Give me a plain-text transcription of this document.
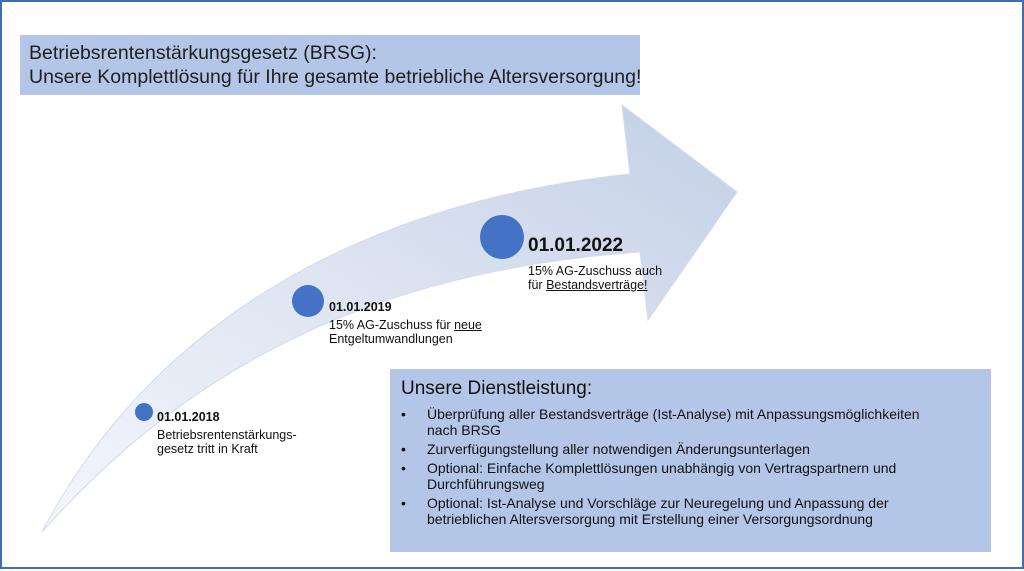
Betriebsrentenstärkungsgesetz (BRSG):
Unsere Komplettlösung für Ihre gesamte betriebliche Altersversorgung!
01.01.2018
Betriebsrentenstärkungs-
gesetz tritt in Kraft
01.01.2019
15% AG-Zuschuss für neue
Entgeltumwandlungen
01.01.2022
15% AG-Zuschuss auch
für Bestandsverträge!
Unsere Dienstleistung:
• Überprüfung aller Bestandsverträge (Ist-Analyse) mit Anpassungsmöglichkeiten
nach BRSG
• Zurverfügungstellung aller notwendigen Änderungsunterlagen
• Optional: Einfache Komplettlösungen unabhängig von Vertragspartnern und
Durchführungsweg
• Optional: Ist-Analyse und Vorschläge zur Neuregelung und Anpassung der
betrieblichen Altersversorgung mit Erstellung einer Versorgungsordnung
